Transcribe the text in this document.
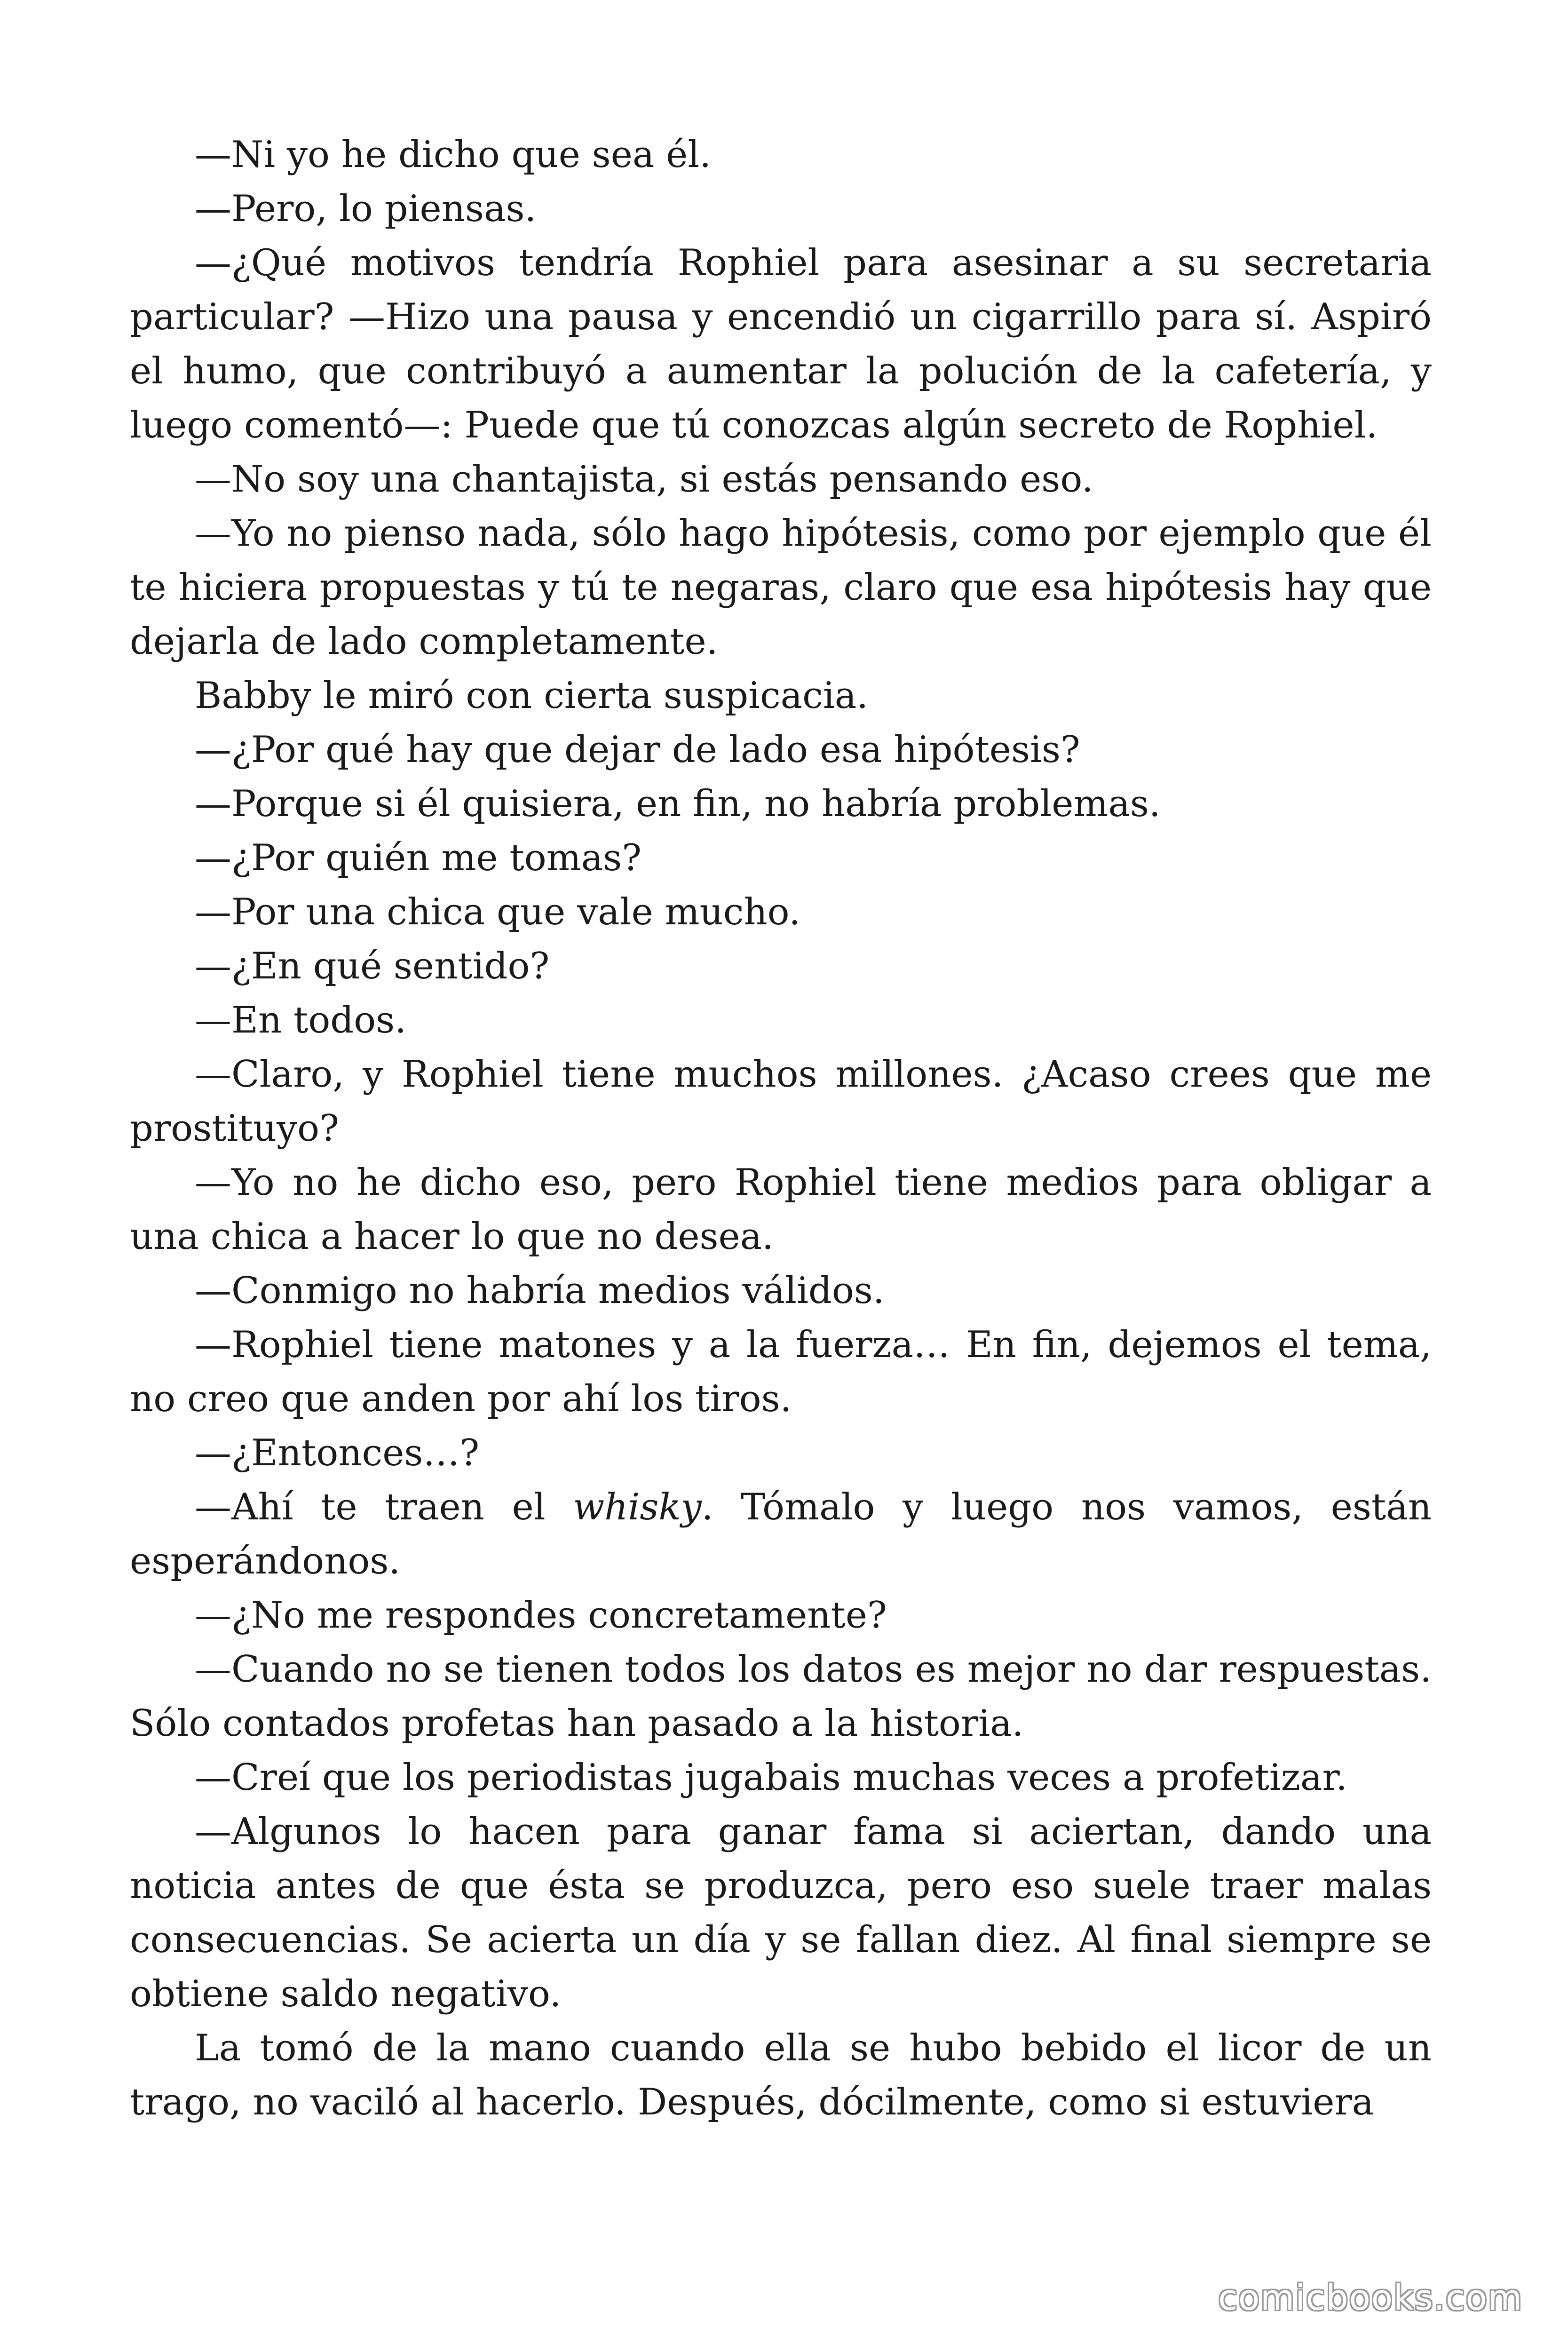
—Ni yo he dicho que sea él.

—Pero, lo piensas.

—¿Qué motivos tendría Rophiel para asesinar a su secretaria particular? —Hizo una pausa y encendió un cigarrillo para sí. Aspiró el humo, que contribuyó a aumentar la polución de la cafetería, y luego comentó—: Puede que tú conozcas algún secreto de Rophiel.

—No soy una chantajista, si estás pensando eso.

—Yo no pienso nada, sólo hago hipótesis, como por ejemplo que él te hiciera propuestas y tú te negaras, claro que esa hipótesis hay que dejarla de lado completamente.

Babby le miró con cierta suspicacia.

—¿Por qué hay que dejar de lado esa hipótesis?

—Porque si él quisiera, en fin, no habría problemas.

—¿Por quién me tomas?

—Por una chica que vale mucho.

—¿En qué sentido?

—En todos.

—Claro, y Rophiel tiene muchos millones. ¿Acaso crees que me prostituyo?

—Yo no he dicho eso, pero Rophiel tiene medios para obligar a una chica a hacer lo que no desea.

—Conmigo no habría medios válidos.

—Rophiel tiene matones y a la fuerza… En fin, dejemos el tema, no creo que anden por ahí los tiros.

—¿Entonces…?

—Ahí te traen el whisky. Tómalo y luego nos vamos, están esperándonos.

—¿No me respondes concretamente?

—Cuando no se tienen todos los datos es mejor no dar respuestas. Sólo contados profetas han pasado a la historia.

—Creí que los periodistas jugabais muchas veces a profetizar.

—Algunos lo hacen para ganar fama si aciertan, dando una noticia antes de que ésta se produzca, pero eso suele traer malas consecuencias. Se acierta un día y se fallan diez. Al final siempre se obtiene saldo negativo.

La tomó de la mano cuando ella se hubo bebido el licor de un trago, no vaciló al hacerlo. Después, dócilmente, como si estuviera

comicbooks.com
